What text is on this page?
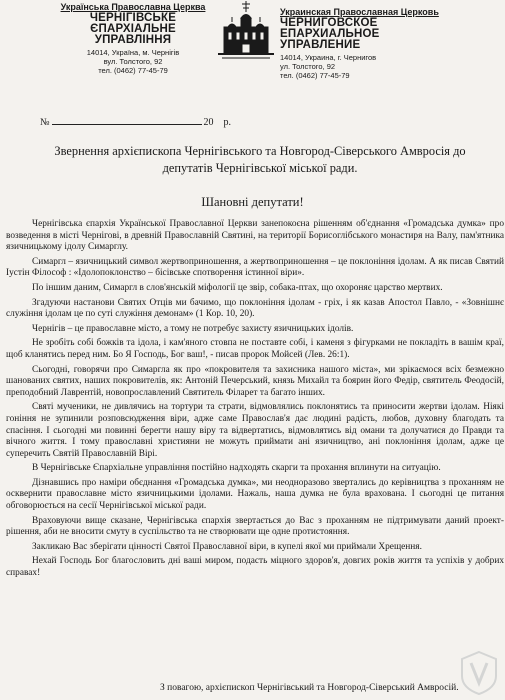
Українська Православна Церква
ЧЕРНІГІВСЬКЕ
ЄПАРХІАЛЬНЕ
УПРАВЛІННЯ
14014, Україна, м. Чернігів
вул. Толстого, 92
тел. (0462) 77-45-79
Украинская Православная Церковь
ЧЕРНИГОВСКОЕ
ЕПАРХИАЛЬНОЕ
УПРАВЛЕНИЕ
14014, Украина, г. Чернигов
ул. Толстого, 92
тел. (0462) 77-45-79
№	20 р.
Звернення архієпископа Чернігівського та Новгород-Сіверського Амвросія до депутатів Чернігівської міської ради.
Шановні депутати!

Чернігівська єпархія Української Православної Церкви занепокоєна рішенням об'єднання «Громадська думка» про возведення в місті Чернігові, в древній Православній Святині, на території Борисоглібського монастиря на Валу, пам'ятника язичницькому ідолу Симарглу.

Симаргл – язичницький символ жертвоприношення, а жертвоприношення – це поклоніння ідолам. А як писав Святий Іустін Філософ : «Ідолопоклонство – бісівське спотворення істинної віри».

По іншим даним, Симаргл в слов'янській міфології це звір, собака-птах, що охороняє царство мертвих.

Згадуючи настанови Святих Отців ми бачимо, що поклоніння ідолам - гріх, і як казав Апостол Павло, - «Зовнішнє служіння ідолам це по суті служіння демонам» (1 Кор. 10, 20).

Чернігів – це православне місто, а тому не потребує захисту язичницьких ідолів.

Не зробіть собі божків та ідола, і кам'яного стовпа не поставте собі, і каменя з фігурками не покладіть в вашім краї, щоб кланятись перед ним. Бо Я Господь, Бог ваш!, - писав пророк Мойсей (Лев. 26:1).

Сьогодні, говорячи про Симаргла як про «покровителя та захисника нашого міста», ми зрікаємося всіх безмежно шанованих святих, наших покровителів, як: Антоній Печерський, князь Михайл та боярин його Федір, святитель Феодосій, преподобний Лаврентій, новопрославлений Святитель Філарет та багато інших.

Святі мученики, не дивлячись на тортури та страти, відмовлялись поклонятись та приносити жертви ідолам. Ніякі гоніння не зупинили розповсюдження віри, адже саме Православ'я дає людині радість, любов, духовну благодать та спасіння. І сьогодні ми повинні берегти нашу віру та відвертатись, відмовлятись від омани та долучатися до Правди та вічного життя. І тому православні християни не можуть приймати ані язичництво, ані поклоніння ідолам, адже це суперечить Святій Православній Вірі.

В Чернігівське Єпархіальне управління постійно надходять скарги та прохання вплинути на ситуацію.

Дізнавшись про наміри обєднання «Громадська думка», ми неодноразово звертались до керівництва з проханням не осквернити православне місто язичницькими ідолами. Нажаль, наша думка не була врахована. І сьогодні це питання обговорюється на сесії Чернігівської міської ради.

Враховуючи вище сказане, Чернігівська єпархія звертається до Вас з проханням не підтримувати даний проект-рішення, аби не вносити смуту в суспільство та не створювати ще одне протистояння.

Закликаю Вас зберігати цінності Святої Православної віри, в купелі якої ми приймали Хрещення.

Нехай Господь Бог благословить дні ваші миром, подасть міцного здоров'я, довгих років життя та успіхів у добрих справах!

З повагою, архієпископ Чернігівський та Новгород-Сіверський Амвросій.
